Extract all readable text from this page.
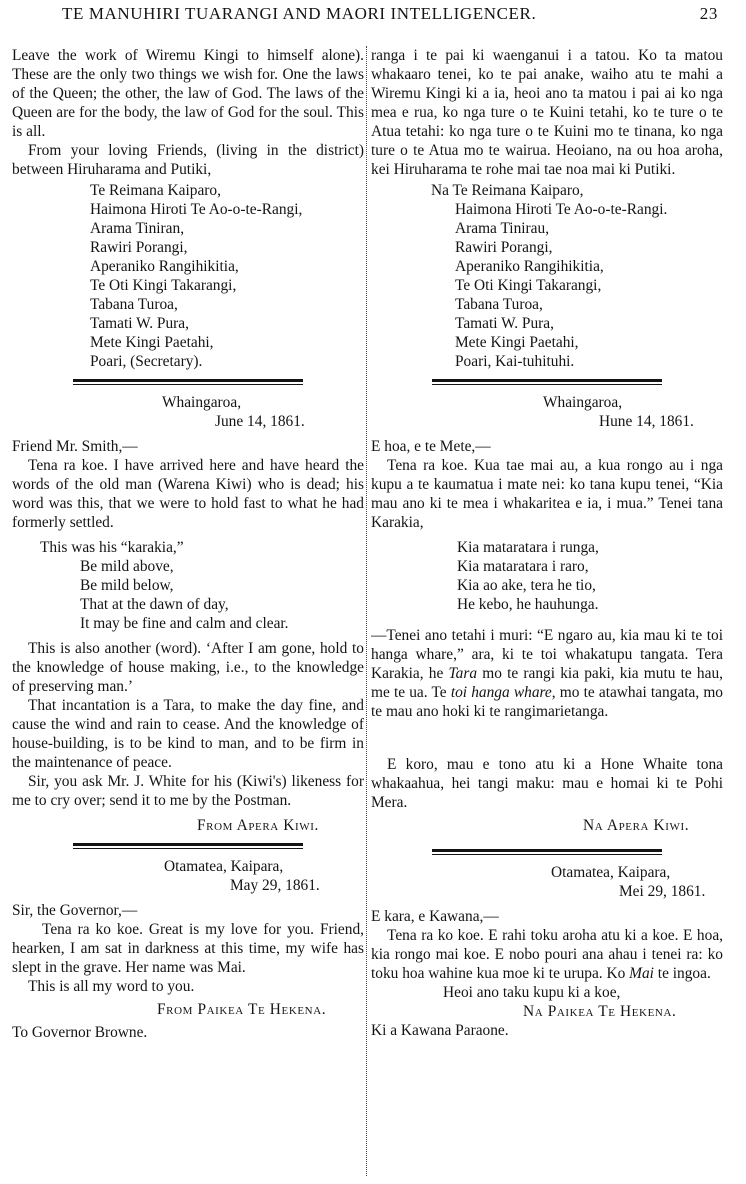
TE MANUHIRI TUARANGI AND MAORI INTELLIGENCER.	23

Leave the work of Wiremu Kingi to himself alone). These are the only two things we wish for. One the laws of the Queen; the other, the law of God. The laws of the Queen are for the body, the law of God for the soul. This is all.

From your loving Friends, (living in the district) between Hiruharama and Putiki,

Te Reimana Kaiparo,
Haimona Hiroti Te Ao-o-te-Rangi,
Arama Tiniran,
Rawiri Porangi,
Aperaniko Rangihikitia,
Te Oti Kingi Takarangi,
Tabana Turoa,
Tamati W. Pura,
Mete Kingi Paetahi,
Poari, (Secretary).
Whaingaroa,
June 14, 1861.
Friend Mr. Smith,—

Tena ra koe. I have arrived here and have heard the words of the old man (Warena Kiwi) who is dead; his word was this, that we were to hold fast to what he had formerly settled.

This was his “karakia,”
Be mild above,
Be mild below,
That at the dawn of day,
It may be fine and calm and clear.

This is also another (word). ‘After I am gone, hold to the knowledge of house making, i.e., to the knowledge of preserving man.’

That incantation is a Tara, to make the day fine, and cause the wind and rain to cease. And the knowledge of house-building, is to be kind to man, and to be firm in the maintenance of peace.

Sir, you ask Mr. J. White for his (Kiwi's) likeness for me to cry over; send it to me by the Postman.

From Apera Kiwi.
Otamatea, Kaipara,
May 29, 1861.
Sir, the Governor,—

Tena ra ko koe. Great is my love for you. Friend, hearken, I am sat in darkness at this time, my wife has slept in the grave. Her name was Mai.

This is all my word to you.

From Paikea Te Hekena.
To Governor Browne.

ranga i te pai ki waenganui i a tatou. Ko ta matou whakaaro tenei, ko te pai anake, waiho atu te mahi a Wiremu Kingi ki a ia, heoi ano ta matou i pai ai ko nga mea e rua, ko nga ture o te Kuini tetahi, ko te ture o te Atua tetahi: ko nga ture o te Kuini mo te tinana, ko nga ture o te Atua mo te wairua. Heoiano, na ou hoa aroha, kei Hiruharama te rohe mai tae noa mai ki Putiki.

Na Te Reimana Kaiparo,
Haimona Hiroti Te Ao-o-te-Rangi.
Arama Tinirau,
Rawiri Porangi,
Aperaniko Rangihikitia,
Te Oti Kingi Takarangi,
Tabana Turoa,
Tamati W. Pura,
Mete Kingi Paetahi,
Poari, Kai-tuhituhi.
Whaingaroa,
Hune 14, 1861.
E hoa, e te Mete,—

Tena ra koe. Kua tae mai au, a kua rongo au i nga kupu a te kaumatua i mate nei: ko tana kupu tenei, “Kia mau ano ki te mea i whakaritea e ia, i mua.” Tenei tana Karakia,

Kia mataratara i runga,
Kia mataratara i raro,
Kia ao ake, tera he tio,
He kebo, he hauhunga.

—Tenei ano tetahi i muri: “E ngaro au, kia mau ki te toi hanga whare,” ara, ki te toi whakatupu tangata. Tera Karakia, he Tara mo te rangi kia paki, kia mutu te hau, me te ua. Te toi hanga whare, mo te atawhai tangata, mo te mau ano hoki ki te rangimarietanga.

E koro, mau e tono atu ki a Hone Whaite tona whakaahua, hei tangi maku: mau e homai ki te Pohi Mera.

Na Apera Kiwi.
Otamatea, Kaipara,
Mei 29, 1861.
E kara, e Kawana,—

Tena ra ko koe. E rahi toku aroha atu ki a koe. E hoa, kia rongo mai koe. E nobo pouri ana ahau i tenei ra: ko toku hoa wahine kua moe ki te urupa. Ko Mai te ingoa.

Heoi ano taku kupu ki a koe,
Na Paikea Te Hekena.
Ki a Kawana Paraone.
